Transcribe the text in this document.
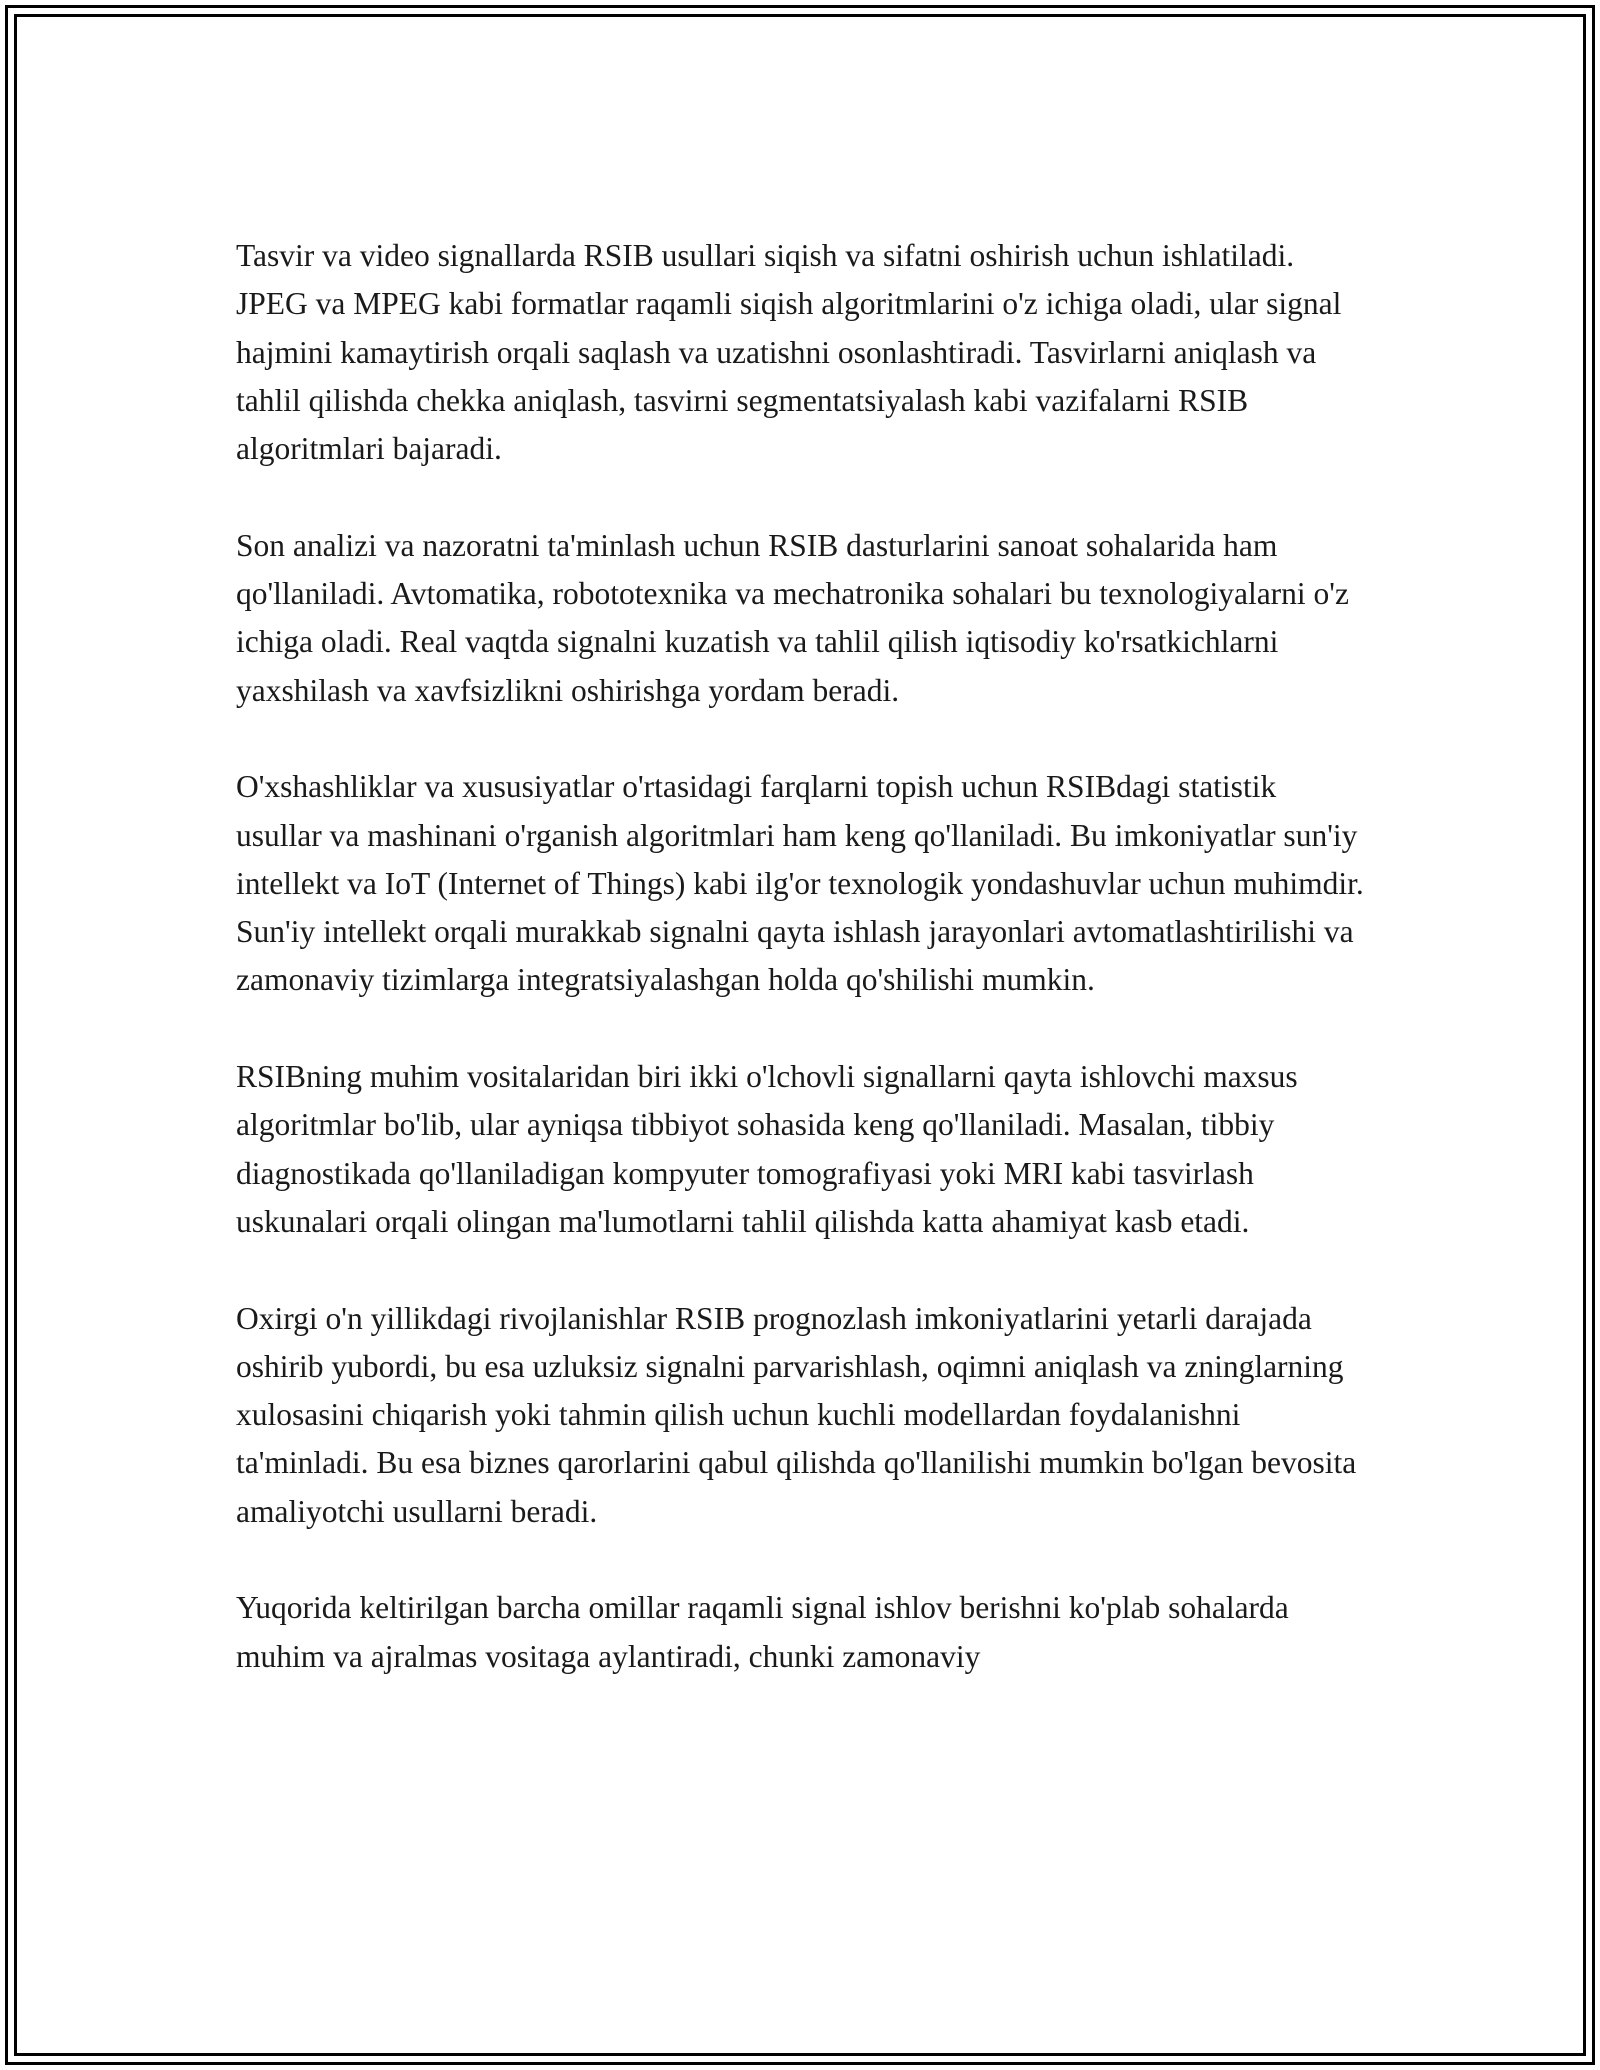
Tasvir va video signallarda RSIB usullari siqish va sifatni oshirish uchun ishlatiladi. JPEG va MPEG kabi formatlar raqamli siqish algoritmlarini o'z ichiga oladi, ular signal hajmini kamaytirish orqali saqlash va uzatishni osonlashtiradi. Tasvirlarni aniqlash va tahlil qilishda chekka aniqlash, tasvirni segmentatsiyalash kabi vazifalarni RSIB algoritmlari bajaradi.

Son analizi va nazoratni ta'minlash uchun RSIB dasturlarini sanoat sohalarida ham qo'llaniladi. Avtomatika, robototexnika va mechatronika sohalari bu texnologiyalarni o'z ichiga oladi. Real vaqtda signalni kuzatish va tahlil qilish iqtisodiy ko'rsatkichlarni yaxshilash va xavfsizlikni oshirishga yordam beradi.

O'xshashliklar va xususiyatlar o'rtasidagi farqlarni topish uchun RSIBdagi statistik usullar va mashinani o'rganish algoritmlari ham keng qo'llaniladi. Bu imkoniyatlar sun'iy intellekt va IoT (Internet of Things) kabi ilg'or texnologik yondashuvlar uchun muhimdir. Sun'iy intellekt orqali murakkab signalni qayta ishlash jarayonlari avtomatlashtirilishi va zamonaviy tizimlarga integratsiyalashgan holda qo'shilishi mumkin.

RSIBning muhim vositalaridan biri ikki o'lchovli signallarni qayta ishlovchi maxsus algoritmlar bo'lib, ular ayniqsa tibbiyot sohasida keng qo'llaniladi. Masalan, tibbiy diagnostikada qo'llaniladigan kompyuter tomografiyasi yoki MRI kabi tasvirlash uskunalari orqali olingan ma'lumotlarni tahlil qilishda katta ahamiyat kasb etadi.

Oxirgi o'n yillikdagi rivojlanishlar RSIB prognozlash imkoniyatlarini yetarli darajada oshirib yubordi, bu esa uzluksiz signalni parvarishlash, oqimni aniqlash va zninglarning xulosasini chiqarish yoki tahmin qilish uchun kuchli modellardan foydalanishni ta'minladi. Bu esa biznes qarorlarini qabul qilishda qo'llanilishi mumkin bo'lgan bevosita amaliyotchi usullarni beradi.

Yuqorida keltirilgan barcha omillar raqamli signal ishlov berishni ko'plab sohalarda muhim va ajralmas vositaga aylantiradi, chunki zamonaviy
